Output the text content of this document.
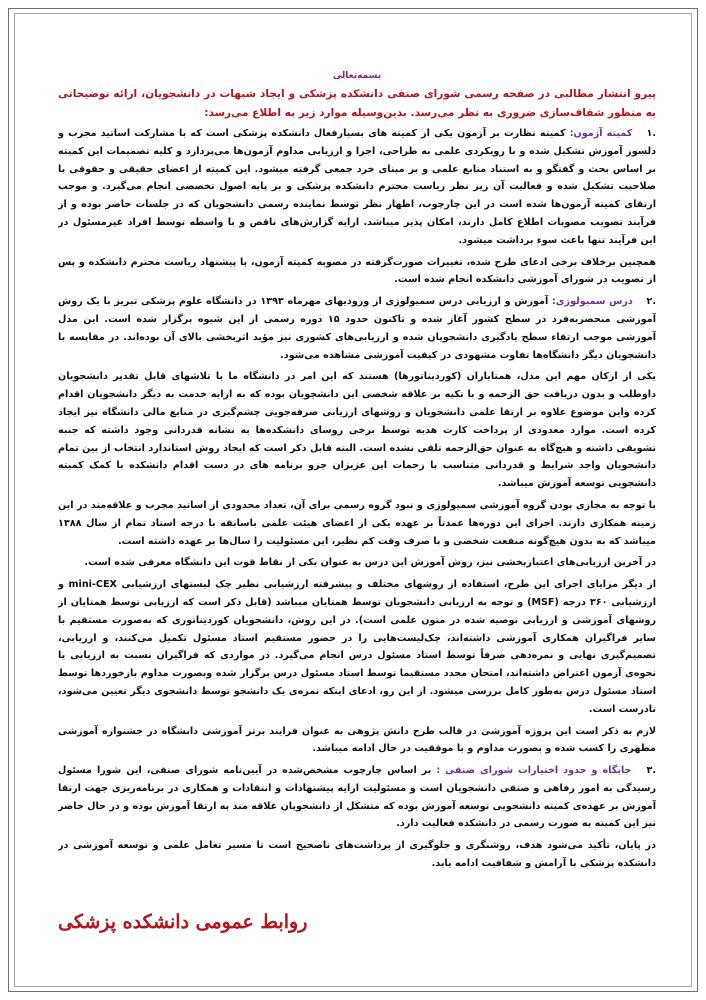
بسمه‌تعالی
پیرو انتشار مطالبی در صفحه رسمی شورای صنفی دانشکده پزشکی و ایجاد شبهات در دانشجویان، ارائه توضیحاتی به منظور شفاف‌سازی ضروری به نظر می‌رسد. بدین‌وسیله موارد زیر به اطلاع می‌رسد:
.۱ کمیته آزمون: کمیته نظارت بر آزمون یکی از کمیته های بسیارفعال دانشکده پزشکی است که با مشارکت اساتید مجرب و دلسوز آموزش تشکیل شده و با رویکردی علمی به طراحی، اجرا و ارزیابی مداوم آزمون‌ها می‌پردازد و کلیه تصمیمات این کمیته بر اساس بحث و گفتگو و به استناد منابع علمی و بر مبنای خرد جمعی گرفته میشود. این کمیته از اعضای حقیقی و حقوقی با صلاحیت تشکیل شده و فعالیت آن زیر نظر ریاست محترم دانشکده پزشکی و بر پایه اصول تخصصی انجام می‌گیرد. و موجب ارتقای کمیته آزمون‌ها شده است در این چارچوب، اظهار نظر توسط نماینده رسمی دانشجویان که در جلسات حاضر بوده و از فرآیند تصویب مصوبات اطلاع کامل دارند، امکان پذیر میباشد. ارایه گزارش‌های ناقص و با واسطه توسط افراد غیرمسئول در این فرآیند تنها باعث سوء برداشت میشود.
همچنین برخلاف برخی ادعای طرح شده، تغییرات صورت‌گرفته در مصوبه کمیته آزمون، با پیشنهاد ریاست محترم دانشکده و پس از تصویب در شورای آموزشی دانشکده انجام شده است.
.۲ درس سمیولوژی: آموزش و ارزیابی درس سمیولوژی از ورودیهای مهرماه ۱۳۹۳ در دانشگاه علوم پزشکی تبریز با یک روش آموزشی منحصربه‌فرد در سطح کشور آغاز شده و تاکنون حدود ۱۵ دوره رسمی از این شیوه برگزار شده است. این مدل آموزشی موجب ارتقاء سطح یادگیری دانشجویان شده و ارزیابی‌های کشوری نیز مؤید اثربخشی بالای آن بوده‌اند. در مقایسه با دانشجویان دیگر دانشگاه‌ها تفاوت مشهودی در کیفیت آموزشی مشاهده می‌شود.
یکی از ارکان مهم این مدل، همتایاران (کوردیناتورها) هستند که این امر در دانشگاه ما با تلاشهای قابل تقدیر دانشجویان داوطلب و بدون دریافت حق الزحمه و با تکیه بر علاقه شخصی این دانشجویان بوده که به ارایه خدمت به دیگر دانشجویان اقدام کرده واین موضوع علاوه بر ارتقا علمی دانشجویان و روشهای ارزیابی صرفه‌جویی چشم‌گیری در منابع مالی دانشگاه نیز ایجاد کرده است. موارد معدودی از پرداخت کارت هدیه توسط برخی روسای دانشکده‌ها به نشانه قدردانی وجود داشته که جنبه تشویقی داشته و هیچ‌گاه به عنوان حق‌الزحمه تلقی نشده است. البته قابل ذکر است که ایجاد روش استاندارد انتخاب از بین تمام دانشجویان واجد شرایط و قدردانی متناسب با زحمات این عزیزان جزو برنامه های در دست اقدام دانشکده با کمک کمیته دانشجویی توسعه آموزش میباشد.
با توجه به مجازی بودن گروه آموزشی سمیولوژی و نبود گروه رسمی برای آن، تعداد محدودی از اساتید مجرب و علاقه‌مند در این زمینه همکاری دارند. اجرای این دوره‌ها عمدتاً بر عهده یکی از اعضای هیئت علمی باسابقه با درجه استاد تمام از سال ۱۳۸۸ میباشد که به بدون هیچ‌گونه منفعت شخصی و با صرف وقت کم نظیر، این مسئولیت را سال‌ها بر عهده داشته است.
در آخرین ارزیابی‌های اعتباربخشی نیز، روش آموزش این درس به عنوان یکی از نقاط قوت این دانشگاه معرفی شده است.
از دیگر مزایای اجرای این طرح، استفاده از روشهای مختلف و پیشرفته ارزشیابی نظیر چک لیستهای ارزشیابی mini-CEX و ارزشیابی ۳۶۰ درجه (MSF) و توجه به ارزیابی دانشجویان توسط همتایان میباشد (قابل ذکر است که ارزیابی توسط همتایان از روشهای آموزشی و ارزیابی توصیه شده در متون علمی است). در این روش، دانشجویان کوردیناتوری که به‌صورت مستقیم با سایر فراگیران همکاری آموزشی داشته‌اند، چک‌لیست‌هایی را در حضور مستقیم استاد مسئول تکمیل می‌کنند، و ارزیابی، تصمیم‌گیری نهایی و نمره‌دهی صرفاً توسط استاد مسئول درس انجام می‌گیرد. در مواردی که فراگیران نسبت به ارزیابی یا نحوه‌ی آزمون اعتراض داشته‌اند، امتحان مجدد مستقیما توسط استاد مسئول درس برگزار شده وبصورت مداوم بازخوردها توسط استاد مسئول درس به‌طور کامل بررسی میشود. از این رو، ادعای اینکه نمره‌ی یک دانشجو توسط دانشجوی دیگر تعیین می‌شود، نادرست است.
لازم به ذکر است این پروژه آموزشی در قالب طرح دانش پژوهی به عنوان فرایند برتر آموزشی دانشگاه در جشنواره آموزشی مطهری را کسب شده و بصورت مداوم و با موفقیت در حال ادامه میباشد.
.۳ جایگاه و حدود اختیارات شورای صنفی : بر اساس چارچوب مشخص‌شده در آیین‌نامه شورای صنفی، این شورا مسئول رسیدگی به امور رفاهی و صنفی دانشجویان است و مسئولیت ارایه پیشنهادات و انتقادات و همکاری در برنامه‌ریزی جهت ارتقا آموزش بر عهده‌ی کمیته دانشجویی توسعه آموزش بوده که متشکل از دانشجویان علاقه مند به ارتقا آموزش بوده و در حال حاضر نیز این کمیته به صورت رسمی در دانشکده فعالیت دارد.
در پایان، تأکید می‌شود هدف، روشنگری و جلوگیری از برداشت‌های ناصحیح است تا مسیر تعامل علمی و توسعه آموزشی در دانشکده پزشکی با آرامش و شفافیت ادامه یابد.
روابط عمومی دانشکده پزشکی
